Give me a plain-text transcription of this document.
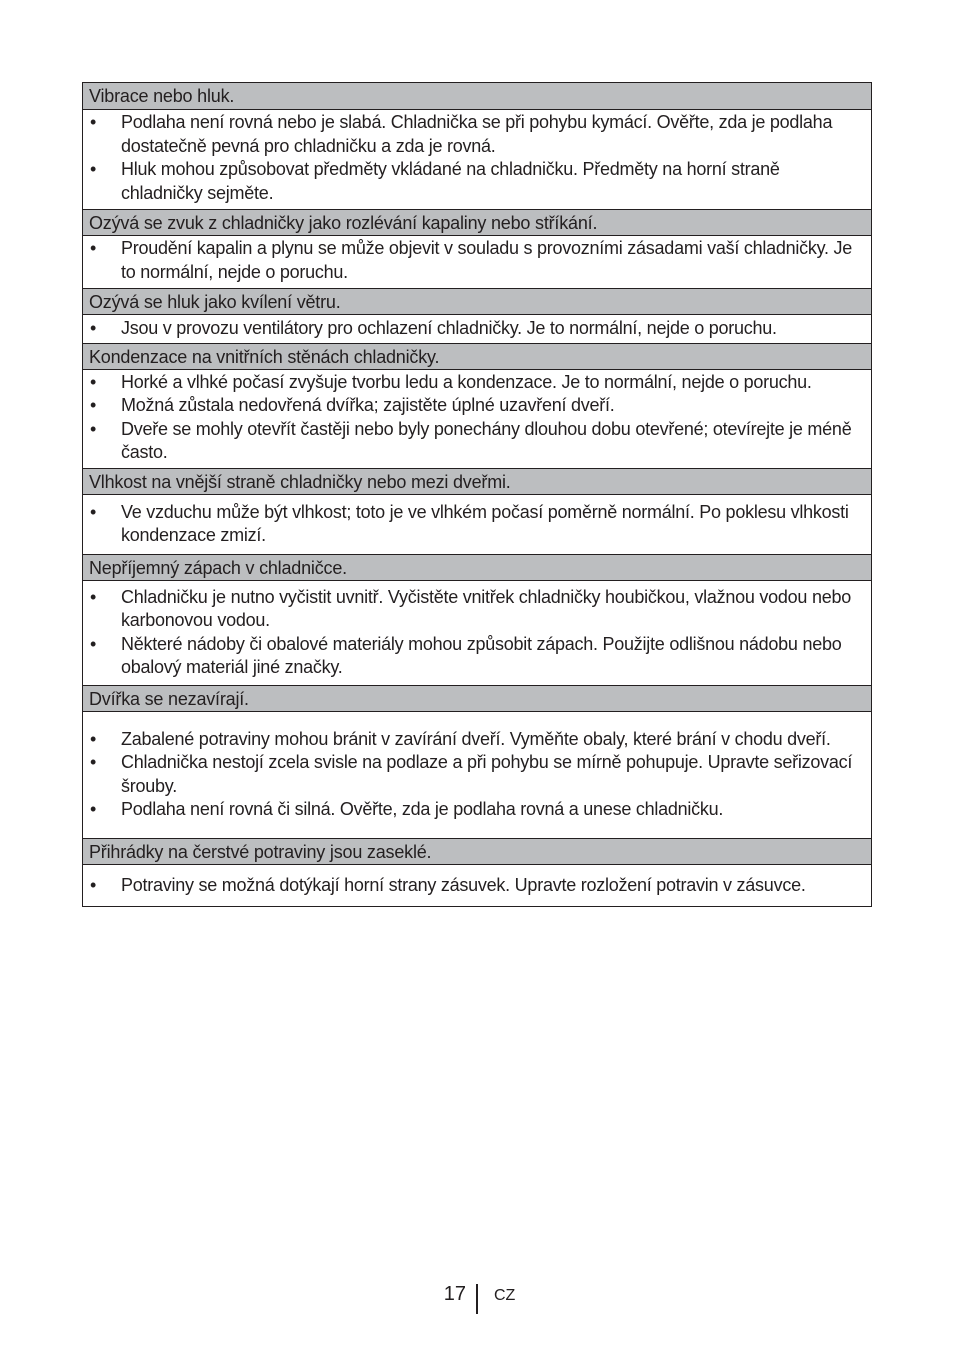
Vibrace nebo hluk.
• Podlaha není rovná nebo je slabá. Chladnička se při pohybu kymácí. Ověřte, zda je podlaha dostatečně pevná pro chladničku a zda je rovná.
• Hluk mohou způsobovat předměty vkládané na chladničku. Předměty na horní straně chladničky sejměte.
Ozývá se zvuk z chladničky jako rozlévání kapaliny nebo stříkání.
• Proudění kapalin a plynu se může objevit v souladu s provozními zásadami vaší chladničky. Je to normální, nejde o poruchu.
Ozývá se hluk jako kvílení větru.
• Jsou v provozu ventilátory pro ochlazení chladničky. Je to normální, nejde o poruchu.
Kondenzace na vnitřních stěnách chladničky.
• Horké a vlhké počasí zvyšuje tvorbu ledu a kondenzace. Je to normální, nejde o poruchu.
• Možná zůstala nedovřená dvířka; zajistěte úplné uzavření dveří.
• Dveře se mohly otevřít častěji nebo byly ponechány dlouhou dobu otevřené; otevírejte je méně často.
Vlhkost na vnější straně chladničky nebo mezi dveřmi.
• Ve vzduchu může být vlhkost; toto je ve vlhkém počasí poměrně normální. Po poklesu vlhkosti kondenzace zmizí.
Nepříjemný zápach v chladničce.
• Chladničku je nutno vyčistit uvnitř. Vyčistěte vnitřek chladničky houbičkou, vlažnou vodou nebo karbonovou vodou.
• Některé nádoby či obalové materiály mohou způsobit zápach. Použijte odlišnou nádobu nebo obalový materiál jiné značky.
Dvířka se nezavírají.
• Zabalené potraviny mohou bránit v zavírání dveří. Vyměňte obaly, které brání v chodu dveří.
• Chladnička nestojí zcela svisle na podlaze a při pohybu se mírně pohupuje. Upravte seřizovací šrouby.
• Podlaha není rovná či silná. Ověřte, zda je podlaha rovná a unese chladničku.
Přihrádky na čerstvé potraviny jsou zaseklé.
• Potraviny se možná dotýkají horní strany zásuvek. Upravte rozložení potravin v zásuvce.
17 CZ
